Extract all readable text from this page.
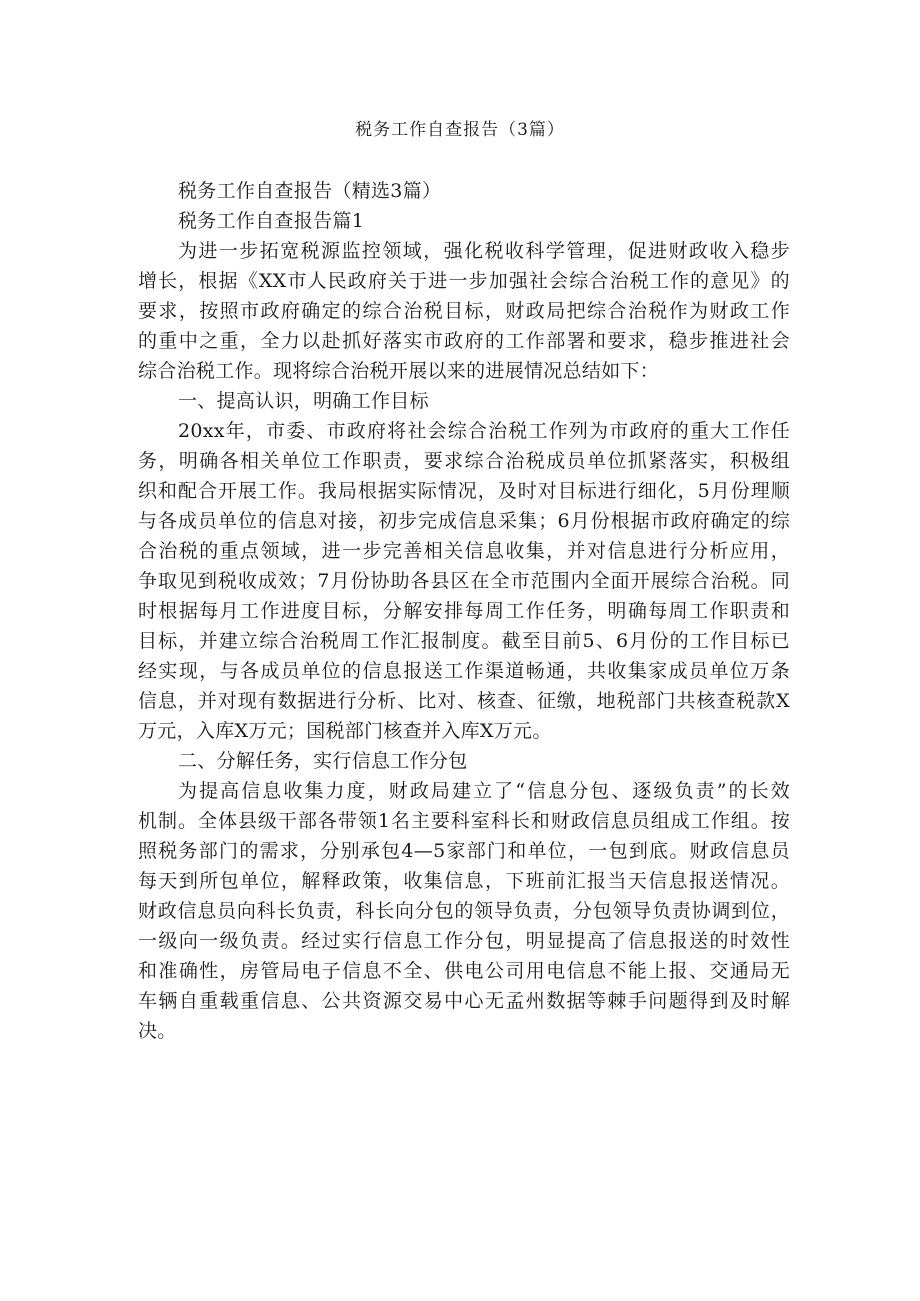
税务工作自查报告（3篇）

税务工作自查报告（精选3篇）

税务工作自查报告篇1

为进一步拓宽税源监控领域，强化税收科学管理，促进财政收入稳步

增长，根据《XX市人民政府关于进一步加强社会综合治税工作的意见》的

要求，按照市政府确定的综合治税目标，财政局把综合治税作为财政工作

的重中之重，全力以赴抓好落实市政府的工作部署和要求，稳步推进社会

综合治税工作。现将综合治税开展以来的进展情况总结如下：

一、提高认识，明确工作目标

20xx年，市委、市政府将社会综合治税工作列为市政府的重大工作任

务，明确各相关单位工作职责，要求综合治税成员单位抓紧落实，积极组

织和配合开展工作。我局根据实际情况，及时对目标进行细化，5月份理顺

与各成员单位的信息对接，初步完成信息采集；6月份根据市政府确定的综

合治税的重点领域，进一步完善相关信息收集，并对信息进行分析应用，

争取见到税收成效；7月份协助各县区在全市范围内全面开展综合治税。同

时根据每月工作进度目标，分解安排每周工作任务，明确每周工作职责和

目标，并建立综合治税周工作汇报制度。截至目前5、6月份的工作目标已

经实现，与各成员单位的信息报送工作渠道畅通，共收集家成员单位万条

信息，并对现有数据进行分析、比对、核查、征缴，地税部门共核查税款X

万元，入库X万元；国税部门核查并入库X万元。

二、分解任务，实行信息工作分包

为提高信息收集力度，财政局建立了“信息分包、逐级负责”的长效

机制。全体县级干部各带领1名主要科室科长和财政信息员组成工作组。按

照税务部门的需求，分别承包4—5家部门和单位，一包到底。财政信息员

每天到所包单位，解释政策，收集信息，下班前汇报当天信息报送情况。

财政信息员向科长负责，科长向分包的领导负责，分包领导负责协调到位，

一级向一级负责。经过实行信息工作分包，明显提高了信息报送的时效性

和准确性，房管局电子信息不全、供电公司用电信息不能上报、交通局无

车辆自重载重信息、公共资源交易中心无孟州数据等棘手问题得到及时解

决。
